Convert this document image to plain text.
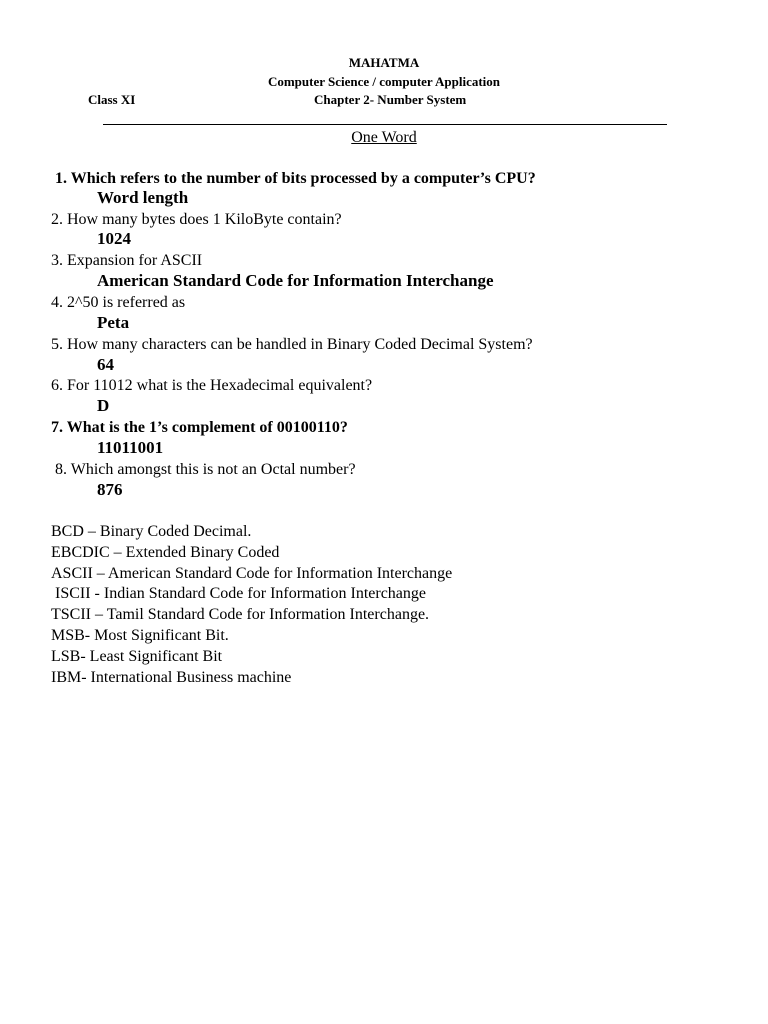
MAHATMA
Computer Science / computer Application
Class XI	Chapter 2- Number System
One Word
1. Which refers to the number of bits processed by a computer’s CPU?
Word length
2. How many bytes does 1 KiloByte contain?
1024
3. Expansion for ASCII
American Standard Code for Information Interchange
4. 2^50 is referred as
Peta
5. How many characters can be handled in Binary Coded Decimal System?
64
6. For 11012 what is the Hexadecimal equivalent?
D
7. What is the 1’s complement of 00100110?
11011001
8. Which amongst this is not an Octal number?
876
BCD – Binary Coded Decimal.
EBCDIC – Extended Binary Coded
ASCII – American Standard Code for Information Interchange
ISCII - Indian Standard Code for Information Interchange
TSCII – Tamil Standard Code for Information Interchange.
MSB- Most Significant Bit.
LSB- Least Significant Bit
IBM- International Business machine
